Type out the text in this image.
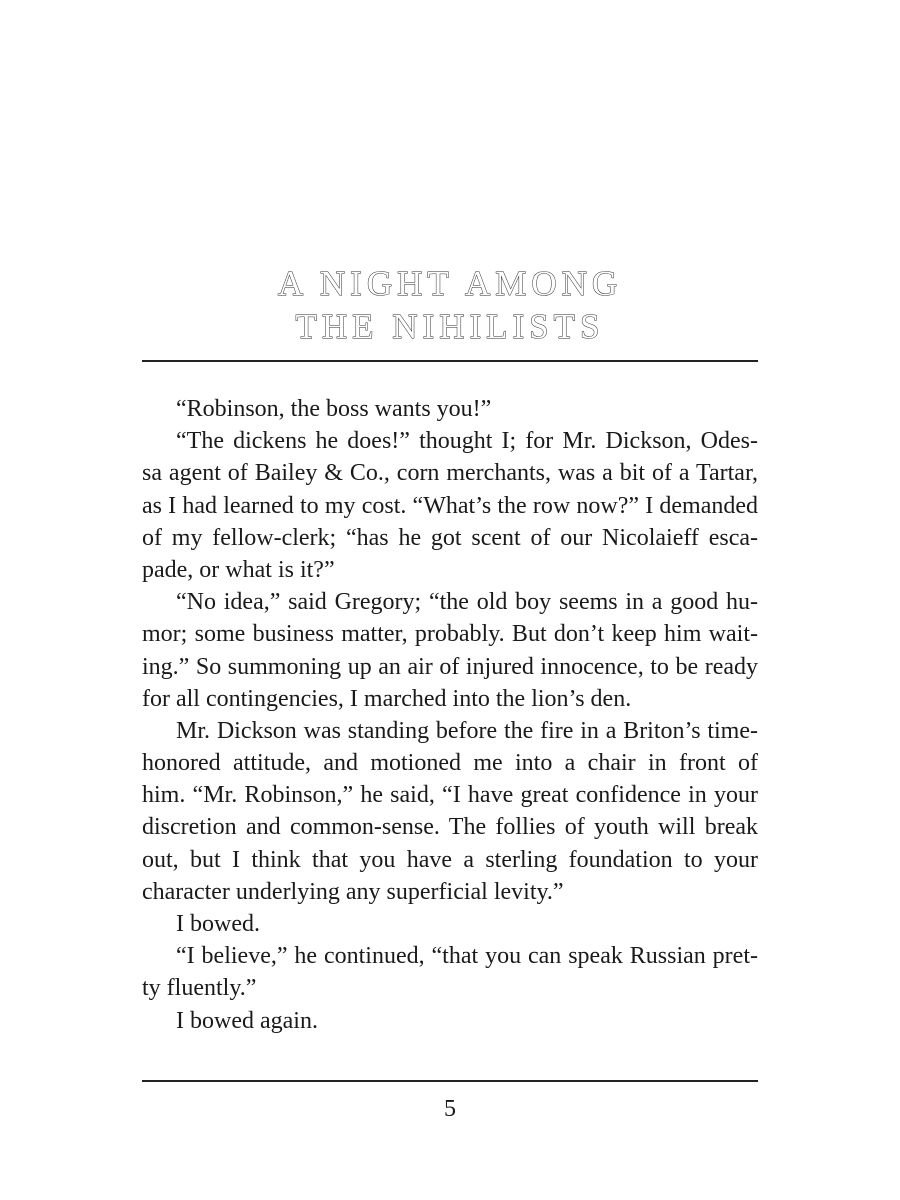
A NIGHT AMONG
THE NIHILISTS
“Robinson, the boss wants you!”
“The dickens he does!” thought I; for Mr. Dickson, Odes-
sa agent of Bailey & Co., corn merchants, was a bit of a Tartar,
as I had learned to my cost. “What’s the row now?” I demanded
of my fellow-clerk; “has he got scent of our Nicolaieff esca-
pade, or what is it?”
“No idea,” said Gregory; “the old boy seems in a good hu-
mor; some business matter, probably. But don’t keep him wait-
ing.” So summoning up an air of injured innocence, to be ready
for all contingencies, I marched into the lion’s den.
Mr. Dickson was standing before the fire in a Briton’s time-
honored attitude, and motioned me into a chair in front of
him. “Mr. Robinson,” he said, “I have great confidence in your
discretion and common-sense. The follies of youth will break
out, but I think that you have a sterling foundation to your
character underlying any superficial levity.”
I bowed.
“I believe,” he continued, “that you can speak Russian pret-
ty fluently.”
I bowed again.
5
